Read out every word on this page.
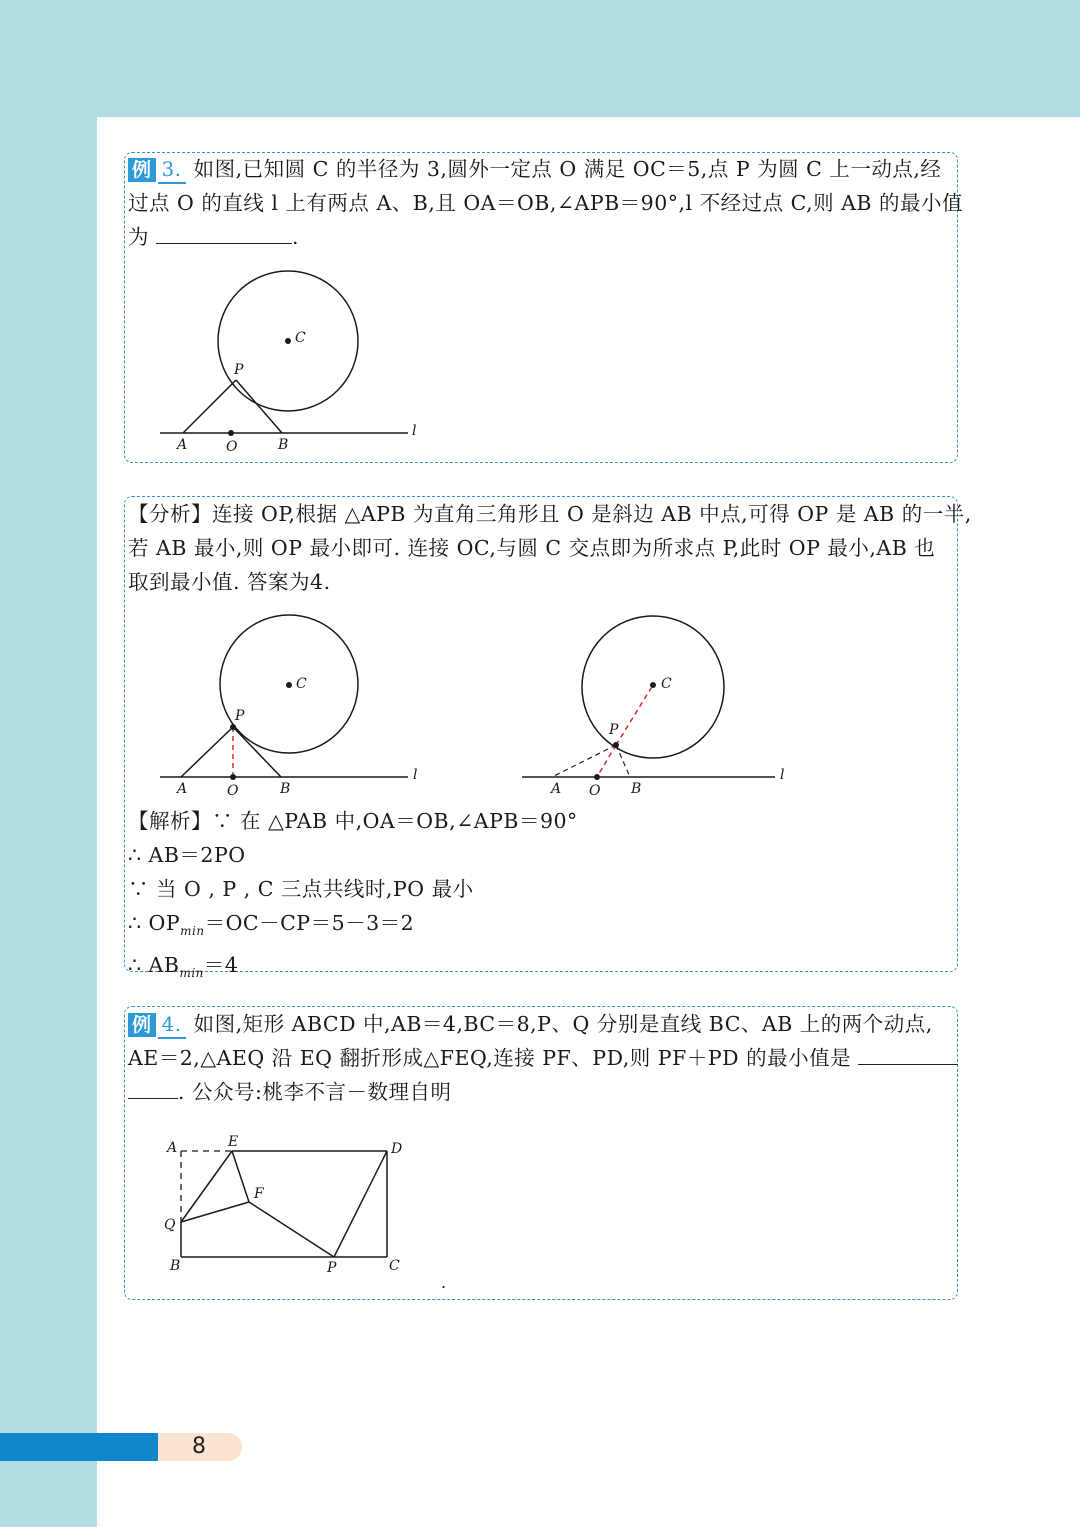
例 3. 如图,已知圆 C 的半径为 3,圆外一定点 O 满足 OC＝5,点 P 为圆 C 上一动点,经
过点 O 的直线 l 上有两点 A、B,且 OA＝OB,∠APB＝90°,l 不经过点 C,则 AB 的最小值
为	.
C
P
A	O	B
l
【分析】连接 OP,根据 △APB 为直角三角形且 O 是斜边 AB 中点,可得 OP 是 AB 的一半,
若 AB 最小,则 OP 最小即可. 连接 OC,与圆 C 交点即为所求点 P,此时 OP 最小,AB 也
取到最小值. 答案为4.
C
P
A	O	B
l
C
P
A O B
l
【解析】∵ 在 △PAB 中,OA＝OB,∠APB＝90°
∴ AB＝2PO
∵ 当 O , P , C 三点共线时,PO 最小
∴ $OP_{min}=OC-CP=5-3=2$
∴ $AB_{min}=4$
例 4. 如图,矩形 ABCD 中,AB＝4,BC＝8,P、Q 分别是直线 BC、AB 上的两个动点,
AE＝2,△AEQ 沿 EQ 翻折形成△FEQ,连接 PF、PD,则 PF＋PD 的最小值是
. 公众号:桃李不言－数理自明
A	E	D
F
Q
B	P	C
.
8
